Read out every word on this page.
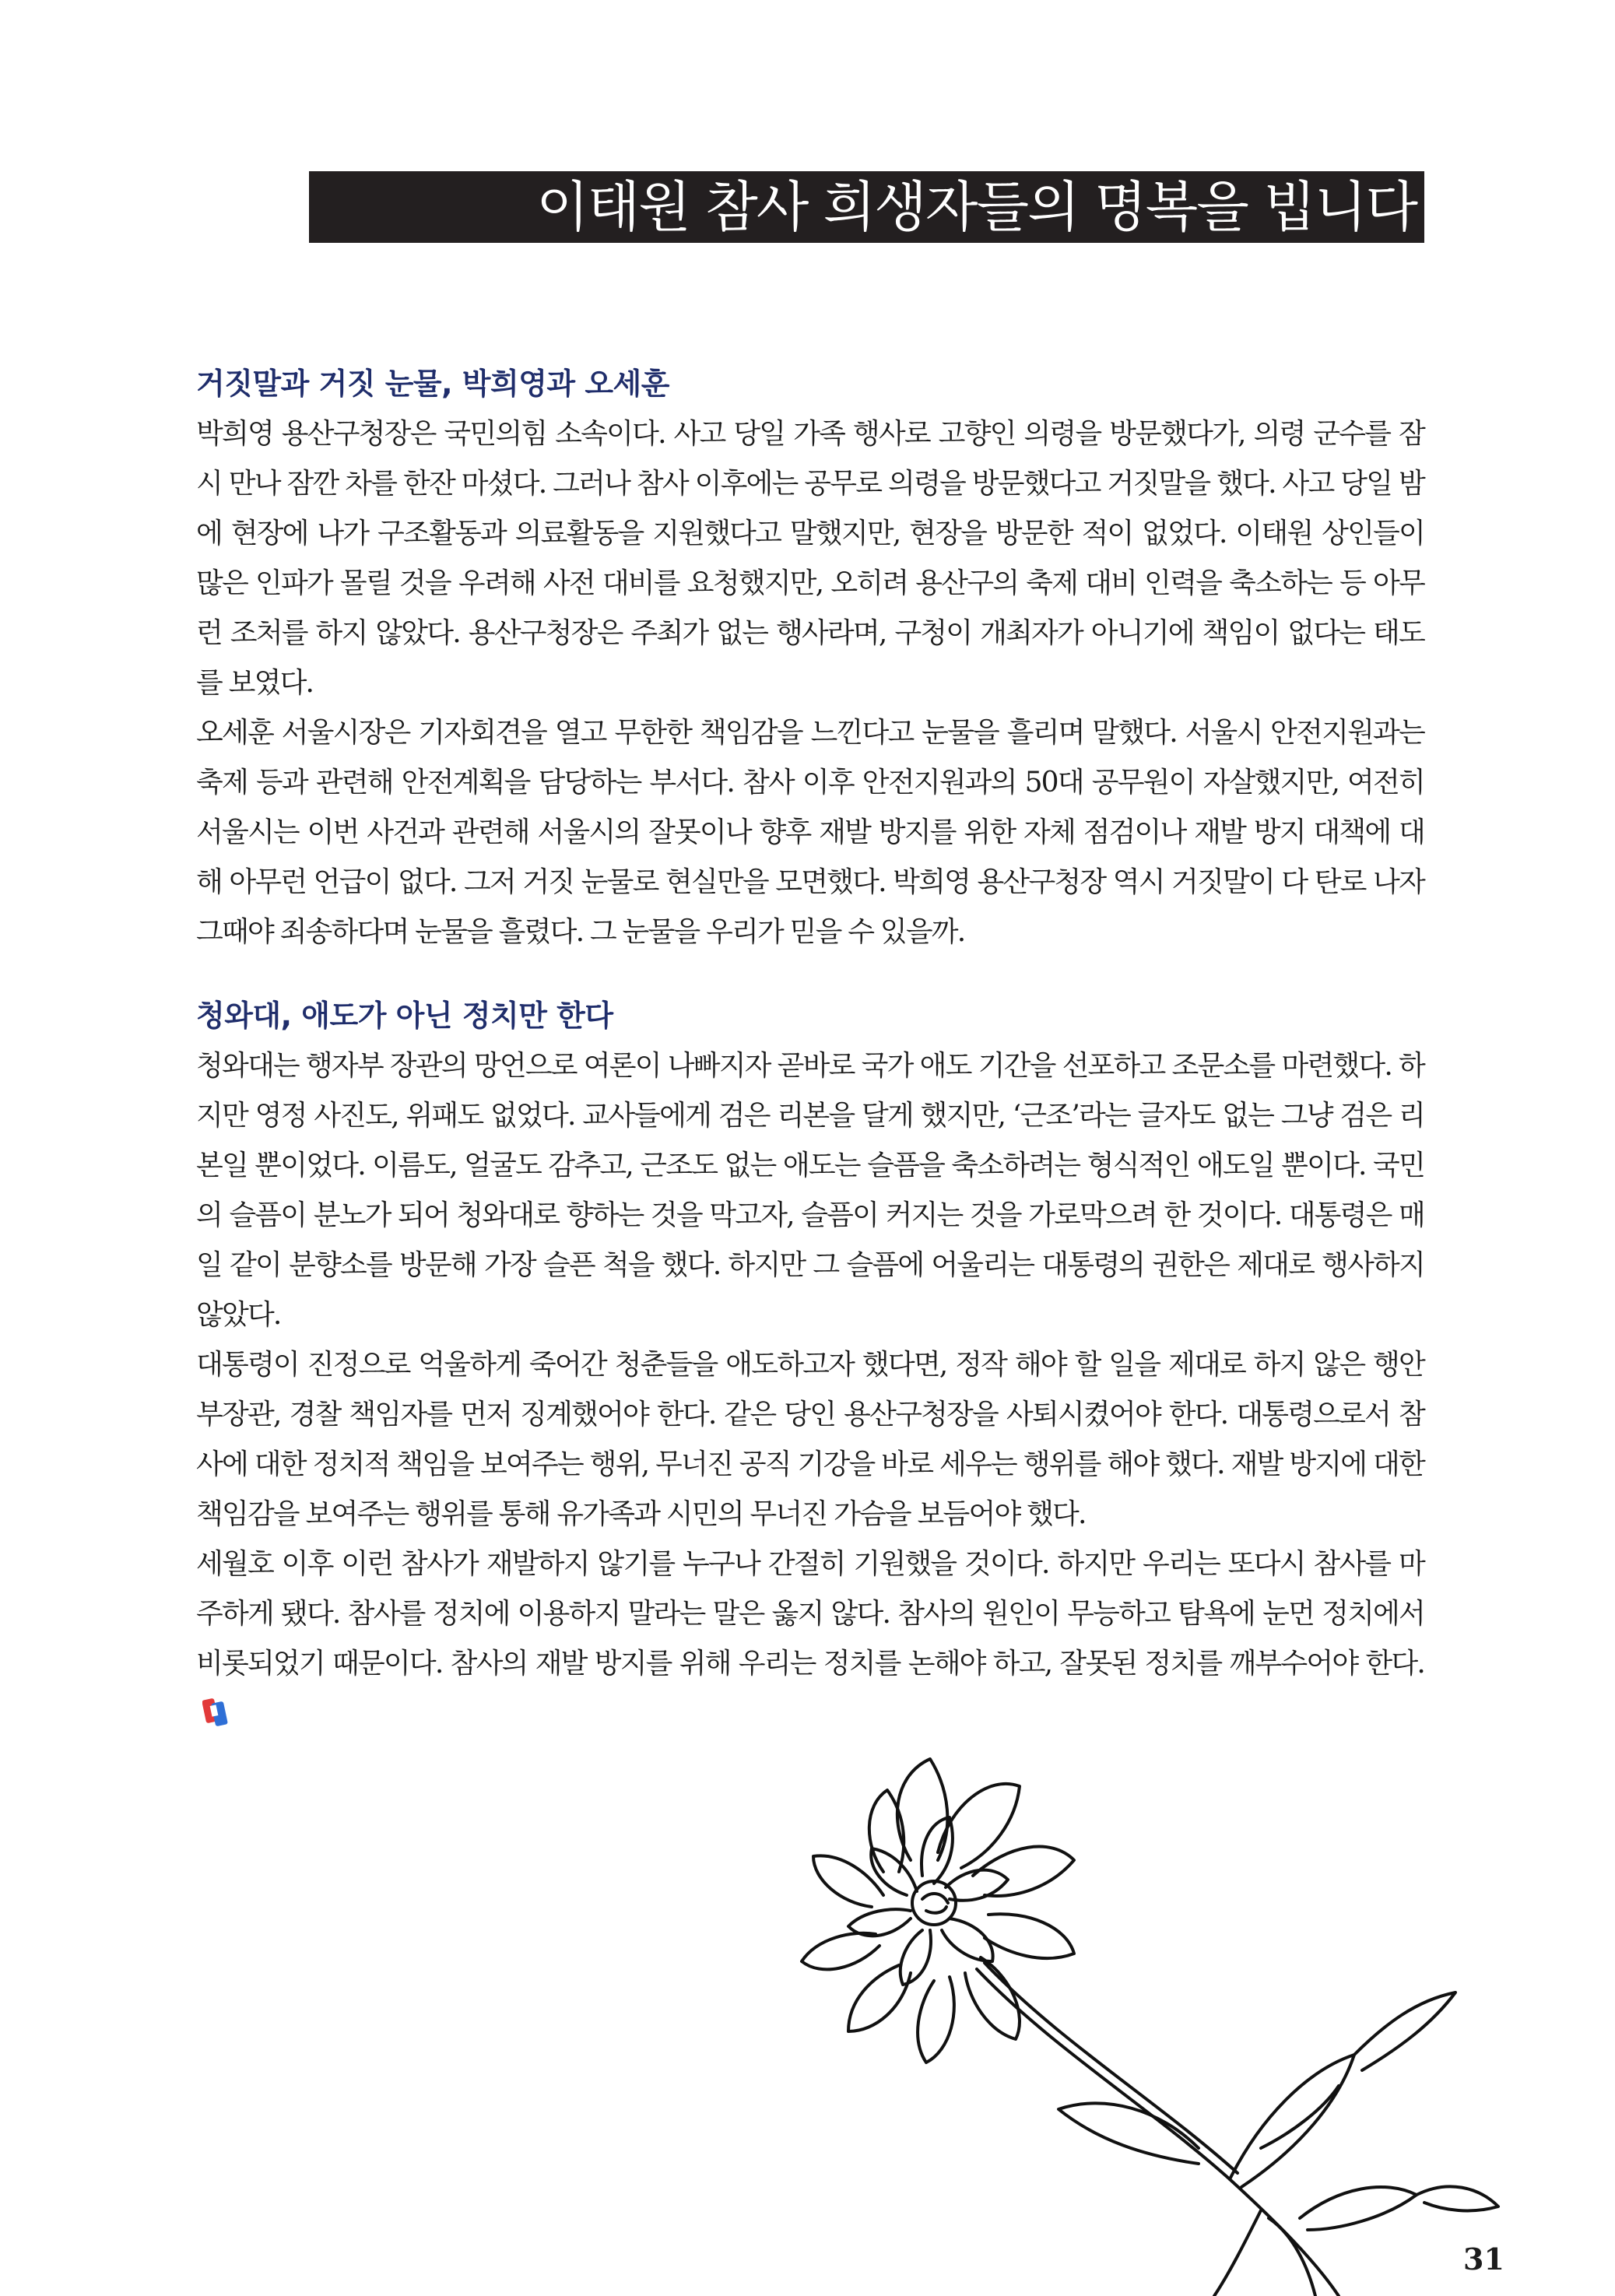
이태원 참사 희생자들의 명복을 빕니다
거짓말과 거짓 눈물, 박희영과 오세훈

박희영 용산구청장은 국민의힘 소속이다. 사고 당일 가족 행사로 고향인 의령을 방문했다가, 의령 군수를 잠시 만나 잠깐 차를 한잔 마셨다. 그러나 참사 이후에는 공무로 의령을 방문했다고 거짓말을 했다. 사고 당일 밤에 현장에 나가 구조활동과 의료활동을 지원했다고 말했지만, 현장을 방문한 적이 없었다. 이태원 상인들이 많은 인파가 몰릴 것을 우려해 사전 대비를 요청했지만, 오히려 용산구의 축제 대비 인력을 축소하는 등 아무런 조처를 하지 않았다. 용산구청장은 주최가 없는 행사라며, 구청이 개최자가 아니기에 책임이 없다는 태도를 보였다.

오세훈 서울시장은 기자회견을 열고 무한한 책임감을 느낀다고 눈물을 흘리며 말했다. 서울시 안전지원과는 축제 등과 관련해 안전계획을 담당하는 부서다. 참사 이후 안전지원과의 50대 공무원이 자살했지만, 여전히 서울시는 이번 사건과 관련해 서울시의 잘못이나 향후 재발 방지를 위한 자체 점검이나 재발 방지 대책에 대해 아무런 언급이 없다. 그저 거짓 눈물로 현실만을 모면했다. 박희영 용산구청장 역시 거짓말이 다 탄로 나자 그때야 죄송하다며 눈물을 흘렸다. 그 눈물을 우리가 믿을 수 있을까.

청와대, 애도가 아닌 정치만 한다

청와대는 행자부 장관의 망언으로 여론이 나빠지자 곧바로 국가 애도 기간을 선포하고 조문소를 마련했다. 하지만 영정 사진도, 위패도 없었다. 교사들에게 검은 리본을 달게 했지만, ‘근조’라는 글자도 없는 그냥 검은 리본일 뿐이었다. 이름도, 얼굴도 감추고, 근조도 없는 애도는 슬픔을 축소하려는 형식적인 애도일 뿐이다. 국민의 슬픔이 분노가 되어 청와대로 향하는 것을 막고자, 슬픔이 커지는 것을 가로막으려 한 것이다. 대통령은 매일 같이 분향소를 방문해 가장 슬픈 척을 했다. 하지만 그 슬픔에 어울리는 대통령의 권한은 제대로 행사하지 않았다.

대통령이 진정으로 억울하게 죽어간 청춘들을 애도하고자 했다면, 정작 해야 할 일을 제대로 하지 않은 행안부장관, 경찰 책임자를 먼저 징계했어야 한다. 같은 당인 용산구청장을 사퇴시켰어야 한다. 대통령으로서 참사에 대한 정치적 책임을 보여주는 행위, 무너진 공직 기강을 바로 세우는 행위를 해야 했다. 재발 방지에 대한 책임감을 보여주는 행위를 통해 유가족과 시민의 무너진 가슴을 보듬어야 했다.

세월호 이후 이런 참사가 재발하지 않기를 누구나 간절히 기원했을 것이다. 하지만 우리는 또다시 참사를 마주하게 됐다. 참사를 정치에 이용하지 말라는 말은 옳지 않다. 참사의 원인이 무능하고 탐욕에 눈먼 정치에서 비롯되었기 때문이다. 참사의 재발 방지를 위해 우리는 정치를 논해야 하고, 잘못된 정치를 깨부수어야 한다.

31
